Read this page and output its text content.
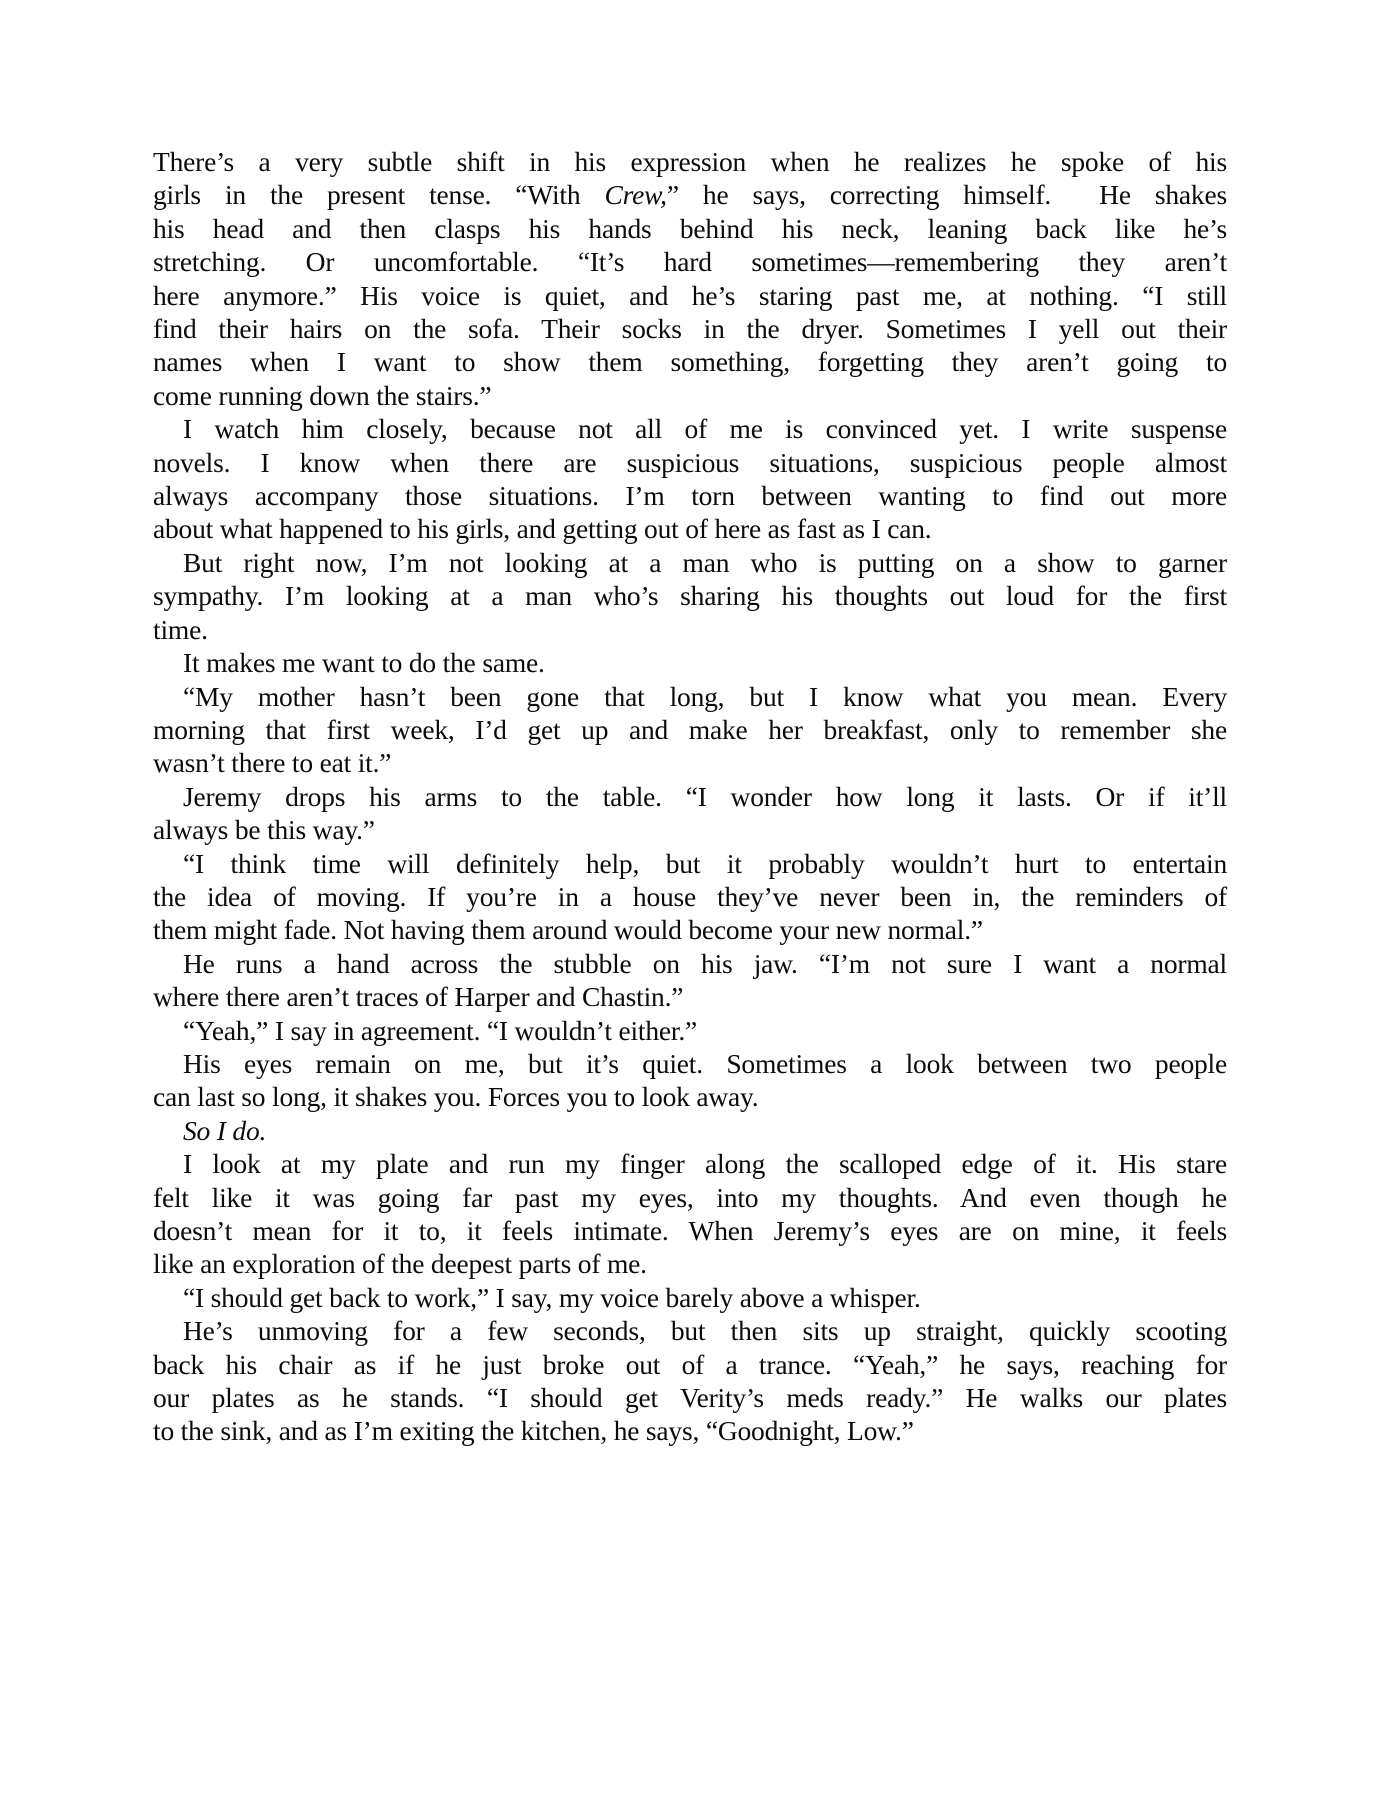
There’s a very subtle shift in his expression when he realizes he spoke of his
girls in the present tense. “With Crew,” he says, correcting himself.  He shakes
his head and then clasps his hands behind his neck, leaning back like he’s
stretching. Or uncomfortable. “It’s hard sometimes—remembering they aren’t
here anymore.” His voice is quiet, and he’s staring past me, at nothing. “I still
find their hairs on the sofa. Their socks in the dryer. Sometimes I yell out their
names when I want to show them something, forgetting they aren’t going to
come running down the stairs.”
I watch him closely, because not all of me is convinced yet. I write suspense
novels. I know when there are suspicious situations, suspicious people almost
always accompany those situations. I’m torn between wanting to find out more
about what happened to his girls, and getting out of here as fast as I can.
But right now, I’m not looking at a man who is putting on a show to garner
sympathy. I’m looking at a man who’s sharing his thoughts out loud for the first
time.
It makes me want to do the same.
“My mother hasn’t been gone that long, but I know what you mean. Every
morning that first week, I’d get up and make her breakfast, only to remember she
wasn’t there to eat it.”
Jeremy drops his arms to the table. “I wonder how long it lasts. Or if it’ll
always be this way.”
“I think time will definitely help, but it probably wouldn’t hurt to entertain
the idea of moving. If you’re in a house they’ve never been in, the reminders of
them might fade. Not having them around would become your new normal.”
He runs a hand across the stubble on his jaw. “I’m not sure I want a normal
where there aren’t traces of Harper and Chastin.”
“Yeah,” I say in agreement. “I wouldn’t either.”
His eyes remain on me, but it’s quiet. Sometimes a look between two people
can last so long, it shakes you. Forces you to look away.
So I do.
I look at my plate and run my finger along the scalloped edge of it. His stare
felt like it was going far past my eyes, into my thoughts. And even though he
doesn’t mean for it to, it feels intimate. When Jeremy’s eyes are on mine, it feels
like an exploration of the deepest parts of me.
“I should get back to work,” I say, my voice barely above a whisper.
He’s unmoving for a few seconds, but then sits up straight, quickly scooting
back his chair as if he just broke out of a trance. “Yeah,” he says, reaching for
our plates as he stands. “I should get Verity’s meds ready.” He walks our plates
to the sink, and as I’m exiting the kitchen, he says, “Goodnight, Low.”
